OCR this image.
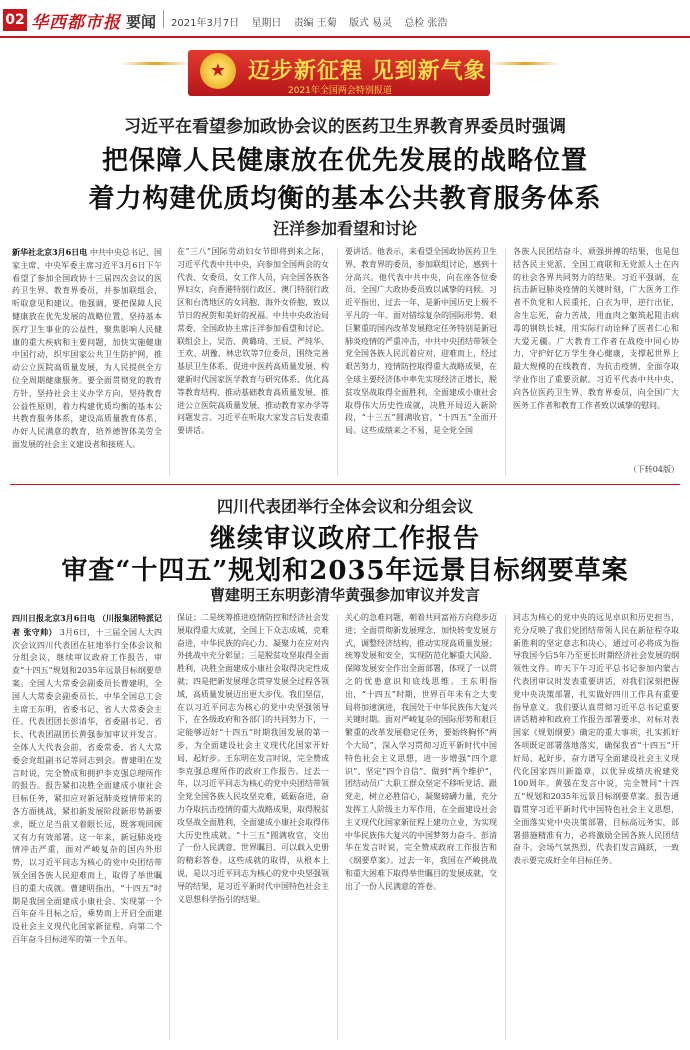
02 华西都市报 要闻 2021年3月7日 星期日 责编 王菊 版式 易灵 总检 张浩
★ 迈步新征程 见到新气象
2021年全国两会特别报道
习近平在看望参加政协会议的医药卫生界教育界委员时强调
把保障人民健康放在优先发展的战略位置
着力构建优质均衡的基本公共教育服务体系
汪洋参加看望和讨论
新华社北京3月6日电 中共中央总书记、国家主席、中央军委主席习近平3月6日下午看望了参加全国政协十三届四次会议的医药卫生界、教育界委员，并参加联组会，听取意见和建议。他强调，要把保障人民健康放在优先发展的战略位置，坚持基本医疗卫生事业的公益性，聚焦影响人民健康的重大疾病和主要问题，加快实施健康中国行动，织牢国家公共卫生防护网，推动公立医院高质量发展，为人民提供全方位全周期健康服务。要全面贯彻党的教育方针，坚持社会主义办学方向，坚持教育公益性原则，着力构建优质均衡的基本公共教育服务体系，建设高质量教育体系，办好人民满意的教育，培养德智体美劳全面发展的社会主义建设者和接班人。
在“三八”国际劳动妇女节即将到来之际，习近平代表中共中央，向参加全国两会的女代表、女委员，女工作人员，向全国各族各界妇女，向香港特别行政区、澳门特别行政区和台湾地区的女同胞、海外女侨胞，致以节日的祝贺和美好的祝福。中共中央政治局常委、全国政协主席汪洋参加看望和讨论。联组会上，吴浩、黄璐琦、王辰、严纯华、王欢、胡豫、林忠钦等7位委员，围绕完善基层卫生体系、促进中医药高质量发展、构建新时代国家医学教育与研究体系、优化高等教育结构、推动基础教育高质量发展、推进公立医院高质量发展、推动教育家办学等问题发言。习近平在听取大家发言后发表重要讲话。
要讲话。他表示，来看望全国政协医药卫生界、教育界的委员，参加联组讨论，感到十分高兴。他代表中共中央，向在座各位委员、全国广大政协委员致以诚挚的问候。习近平指出，过去一年，是新中国历史上极不平凡的一年。面对错综复杂的国际形势、艰巨繁重的国内改革发展稳定任务特别是新冠肺炎疫情的严重冲击，中共中央团结带领全党全国各族人民沉着应对，迎难而上，经过艰苦努力，疫情防控取得重大战略成果，在全球主要经济体中率先实现经济正增长，脱贫攻坚战取得全面胜利，全面建成小康社会取得伟大历史性成就，决胜开局迈入新阶段，“十三五”圆满收官，“十四五”全面开局。这些成绩来之不易，是全党全国
各族人民团结奋斗、顽强拼搏的结果，也是包括各民主党派、全国工商联和无党派人士在内的社会各界共同努力的结果。习近平强调，在抗击新冠肺炎疫情的关键时刻，广大医务工作者不负党和人民重托，白衣为甲，逆行出征，舍生忘死，奋力苦战，用血肉之躯筑起阻击病毒的钢铁长城，用实际行动诠释了医者仁心和大爱无疆。广大教育工作者在战疫中同心协力，守护好亿万学生身心健康，支撑起世界上最大规模的在线教育，为抗击疫情、全面夺取学业作出了重要贡献。习近平代表中共中央，向各位医药卫生界、教育界委员，向全国广大医务工作者和教育工作者致以诚挚的慰问。
（下转04版）
四川代表团举行全体会议和分组会议
继续审议政府工作报告
审查“十四五”规划和2035年远景目标纲要草案
曹建明王东明彭清华黄强参加审议并发言
四川日报北京3月6日电 （川报集团特派记者 张守帅） 3月6日，十三届全国人大四次会议四川代表团在驻地举行全体会议和分组会议，继续审议政府工作报告，审查“十四五”规划和2035年远景目标纲要草案。全国人大常委会副委员长曹建明，全国人大常委会副委员长、中华全国总工会主席王东明，省委书记、省人大常委会主任、代表团团长彭清华，省委副书记、省长、代表团副团长黄强参加审议并发言。全体人大代表会前，省委常委、省人大常委会党组副书记等同志到会。曹建明在发言时说，完全赞成和拥护李克强总理所作的报告。报告紧扣决胜全面建成小康社会目标任务，紧扣应对新冠肺炎疫情带来的各方面挑战，紧扣新发展阶段新形势新要求，既立足当前又着眼长远，既客观回顾又有力有效部署。这一年来，新冠肺炎疫情冲击严重，面对严峻复杂的国内外形势，以习近平同志为核心的党中央团结带领全国各族人民迎难而上，取得了举世瞩目的重大成就。曹建明指出，“十四五”时期是我国全面建成小康社会、实现第一个百年奋斗目标之后，乘势而上开启全面建设社会主义现代化国家新征程、向第二个百年奋斗目标进军的第一个五年。
保证；二是统筹推进疫情防控和经济社会发展取得重大成就，全国上下众志成城，克难奋进，中华民族的向心力、凝聚力在应对内外挑战中充分彰显；三是脱贫攻坚取得全面胜利，决胜全面建成小康社会取得决定性成就；四是把新发展理念贯穿发展全过程各领域，高质量发展迈出更大步伐。我们坚信，在以习近平同志为核心的党中央坚强领导下，在各级政府和各部门的共同努力下，一定能够迈好“十四五”时期我国发展的第一步，为全面建设社会主义现代化国家开好局、起好步。王东明在发言时说，完全赞成李克强总理所作的政府工作报告。过去一年，以习近平同志为核心的党中央团结带领全党全国各族人民攻坚克难，砥砺奋进，奋力夺取抗击疫情的重大战略成果，取得脱贫攻坚战全面胜利，全面建成小康社会取得伟大历史性成就。“十三五”圆满收官，交出了一份人民满意、世界瞩目、可以载入史册的精彩答卷。这些成就的取得，从根本上说，是以习近平同志为核心的党中央坚强领导的结果，是习近平新时代中国特色社会主义思想科学指引的结果。
关心的急难问题，朝着共同富裕方向稳步迈进；全面贯彻新发展理念，加快转变发展方式，调整经济结构，推动实现高质量发展；统筹发展和安全，实现防范化解重大风险、保障发展安全作出全面部署，体现了一以贯之的忧患意识和底线思维。王东明指出，“十四五”时期，世界百年未有之大变局将加速演进，我国处于中华民族伟大复兴关键时期。面对严峻复杂的国际形势和艰巨繁重的改革发展稳定任务，要始终胸怀“两个大局”，深入学习贯彻习近平新时代中国特色社会主义思想，进一步增强“四个意识”、坚定“四个自信”、做到“两个维护”，团结动员广大职工群众坚定不移听党话、跟党走，树立必胜信心，凝聚磅礴力量，充分发挥工人阶级主力军作用，在全面建设社会主义现代化国家新征程上建功立业，为实现中华民族伟大复兴的中国梦努力奋斗。彭清华在发言时说，完全赞成政府工作报告和《纲要草案》。过去一年，我国在严峻挑战和重大困难下取得举世瞩目的发展成就，交出了一份人民满意的答卷。
同志为核心的党中央的远见卓识和历史担当，充分反映了我们党团结带领人民在新征程夺取新胜利的坚定意志和决心，通过可必将成为指导我国今后5年乃至更长时期经济社会发展的纲领性文件。昨天下午习近平总书记参加内蒙古代表团审议时发表重要讲话，对我们深刻把握党中央决策部署，扎实做好四川工作具有重要指导意义。我们要认真贯彻习近平总书记重要讲话精神和政府工作报告部署要求，对标对表国家《规划纲要》确定的重大事项，扎实抓好各项既定部署落地落实，确保我省“十四五”开好局、起好步，奋力谱写全面建设社会主义现代化国家四川新篇章，以优异成绩庆祝建党100周年。黄强在发言中说，完全赞同“十四五”规划和2035年远景目标纲要草案。报告通篇贯穿习近平新时代中国特色社会主义思想，全面落实党中央决策部署，目标高远务实，部署措施精准有力，必将激励全国各族人民团结奋斗。会场气氛热烈，代表们发言踊跃，一致表示要完成好全年目标任务。
